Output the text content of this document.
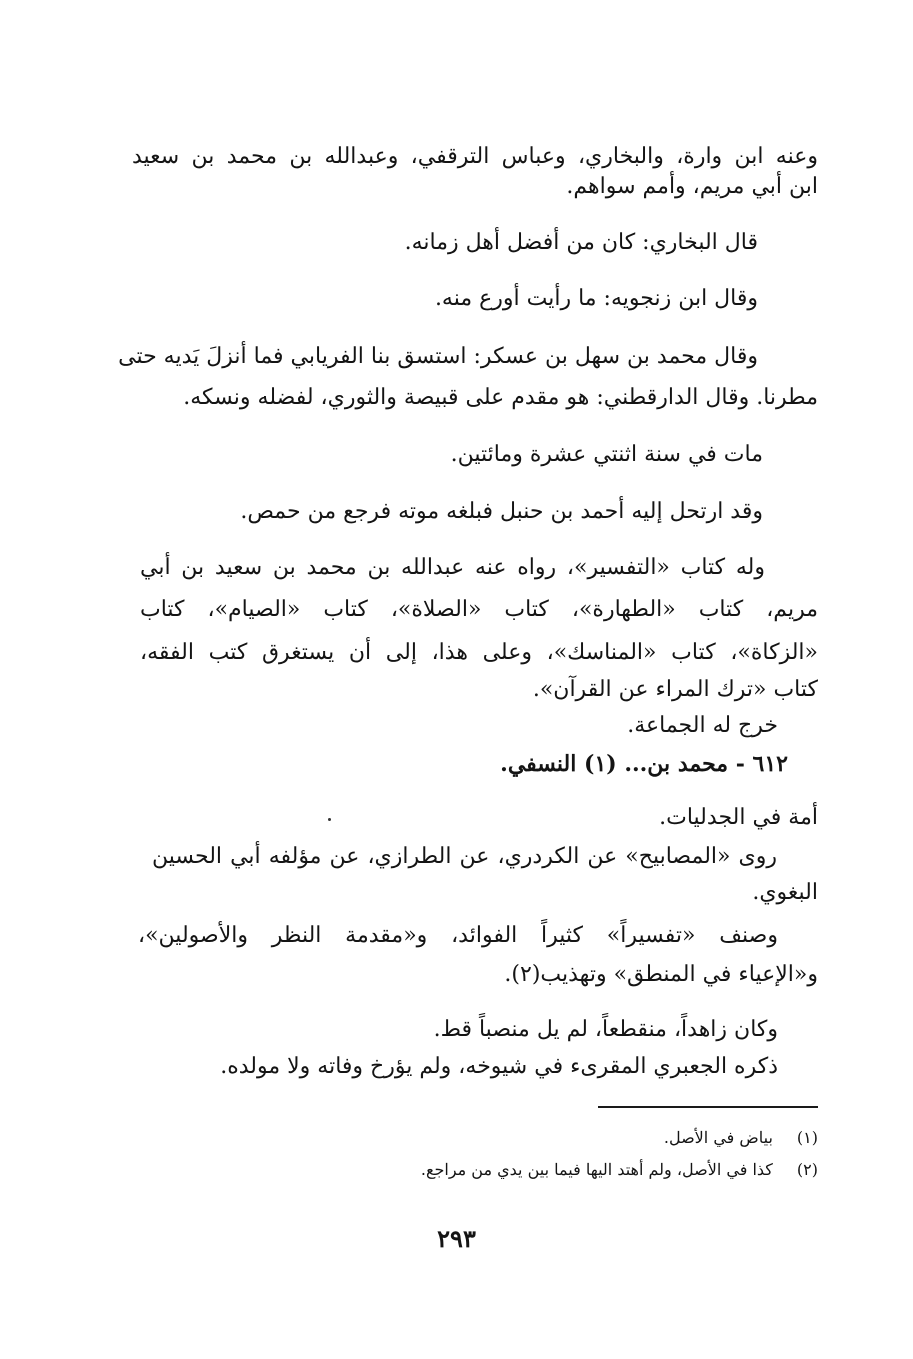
وعنه ابن وارة، والبخاري، وعباس الترقفي، وعبدالله بن محمد بن سعيد

ابن أبي مريم، وأمم سواهم.

قال البخاري: كان من أفضل أهل زمانه.

وقال ابن زنجويه: ما رأيت أورع منه.

وقال محمد بن سهل بن عسكر: استسق بنا الفريابي فما أنزلَ يَديه حتى

مطرنا. وقال الدارقطني: هو مقدم على قبيصة والثوري، لفضله ونسكه.

مات في سنة اثنتي عشرة ومائتين.

وقد ارتحل إليه أحمد بن حنبل فبلغه موته فرجع من حمص.

وله كتاب «التفسير»، رواه عنه عبدالله بن محمد بن سعيد بن أبي

مريم، كتاب «الطهارة»، كتاب «الصلاة»، كتاب «الصيام»، كتاب

«الزكاة»، كتاب «المناسك»، وعلى هذا، إلى أن يستغرق كتب الفقه،

كتاب «ترك المراء عن القرآن».

خرج له الجماعة.

٦١٢ - محمد بن... (١) النسفي.

أمة في الجدليات.

روى «المصابيح» عن الكردري، عن الطرازي، عن مؤلفه أبي الحسين

البغوي.

وصنف «تفسيراً» كثيراً الفوائد، و«مقدمة النظر والأصولين»،

و«الإعياء في المنطق» وتهذيب(٢).

وكان زاهداً، منقطعاً، لم يل منصباً قط.

ذكره الجعبري المقرىء في شيوخه، ولم يؤرخ وفاته ولا مولده.

(١) بياض في الأصل.
(٢) كذا في الأصل، ولم أهتد اليها فيما بين يدي من مراجع.
٢٩٣
